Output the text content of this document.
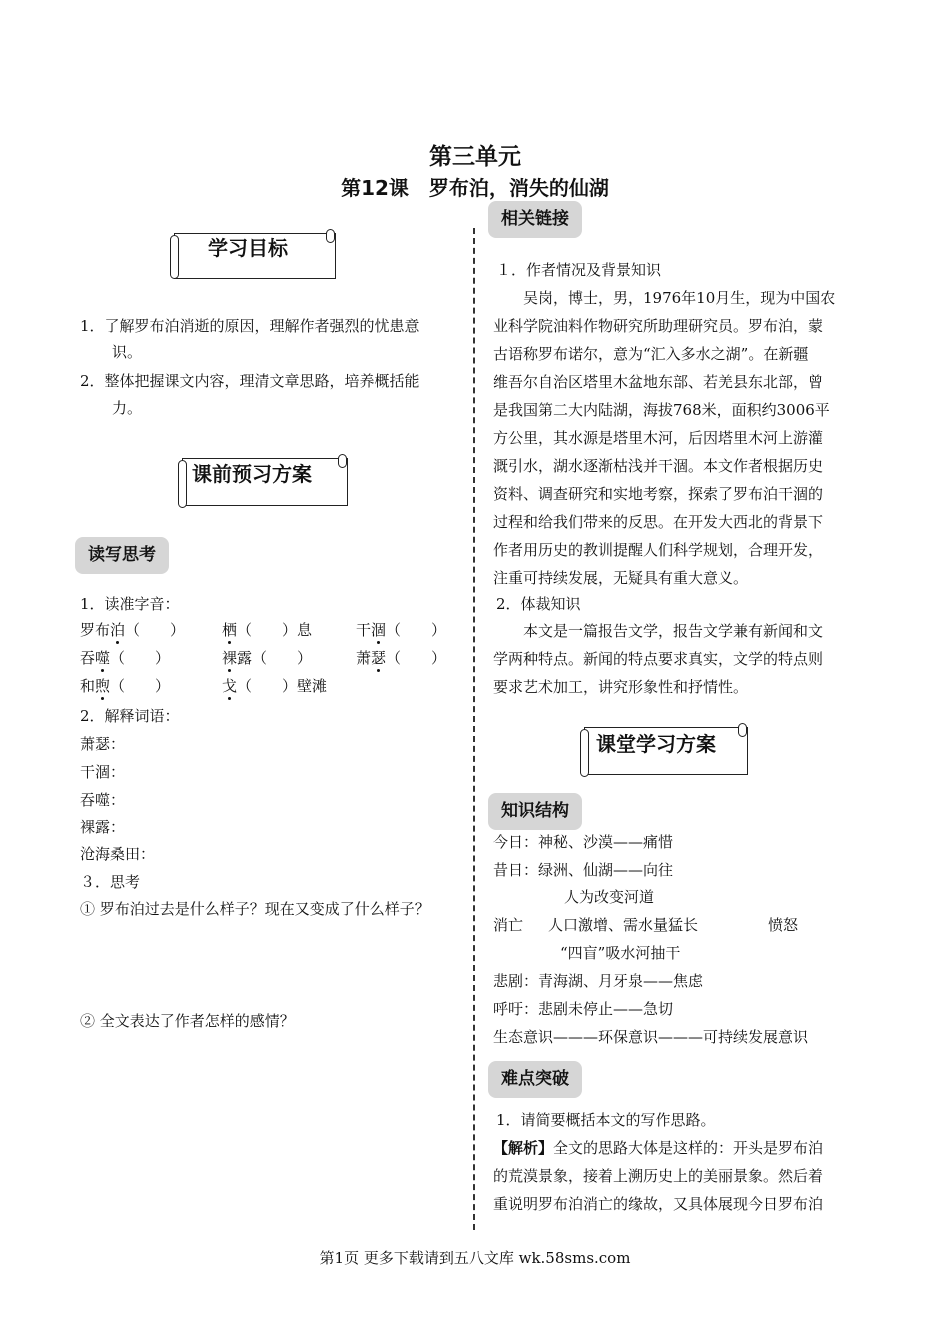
第三单元
第12课　罗布泊，消失的仙湖
学习目标
1．了解罗布泊消逝的原因，理解作者强烈的忧患意
识。
2．整体把握课文内容，理清文章思路，培养概括能
力。
课前预习方案
读写思考
1．读准字音：
罗布泊（　　） 栖（　　）息	干涸（　　）
吞噬（　　）	裸露（　　）	萧瑟（　　）
和煦（　　）	戈（　　）壁滩
2．解释词语：
萧瑟：
干涸：
吞噬：
裸露：
沧海桑田：
３．思考
① 罗布泊过去是什么样子？现在又变成了什么样子？
② 全文表达了作者怎样的感情？
相关链接
１．作者情况及背景知识
　　吴岗，博士，男，1976年10月生，现为中国农
业科学院油料作物研究所助理研究员。罗布泊，蒙
古语称罗布诺尔，意为“汇入多水之湖”。在新疆
维吾尔自治区塔里木盆地东部、若羌县东北部，曾
是我国第二大内陆湖，海拔768米，面积约3006平
方公里，其水源是塔里木河，后因塔里木河上游灌
溉引水，湖水逐渐枯浅并干涸。本文作者根据历史
资料、调查研究和实地考察，探索了罗布泊干涸的
过程和给我们带来的反思。在开发大西北的背景下
作者用历史的教训提醒人们科学规划，合理开发，
注重可持续发展，无疑具有重大意义。
2．体裁知识
　　本文是一篇报告文学，报告文学兼有新闻和文
学两种特点。新闻的特点要求真实，文学的特点则
要求艺术加工，讲究形象性和抒情性。
课堂学习方案
知识结构
今日：神秘、沙漠——痛惜
昔日：绿洲、仙湖——向往
人为改变河道
消亡 人口激增、需水量猛长	愤怒
“四盲”吸水河抽干
悲剧：青海湖、月牙泉——焦虑
呼吁：悲剧未停止——急切
生态意识———环保意识———可持续发展意识
难点突破
1．请简要概括本文的写作思路。
【解析】全文的思路大体是这样的：开头是罗布泊
的荒漠景象，接着上溯历史上的美丽景象。然后着
重说明罗布泊消亡的缘故，又具体展现今日罗布泊
第1页 更多下载请到五八文库 wk.58sms.com
